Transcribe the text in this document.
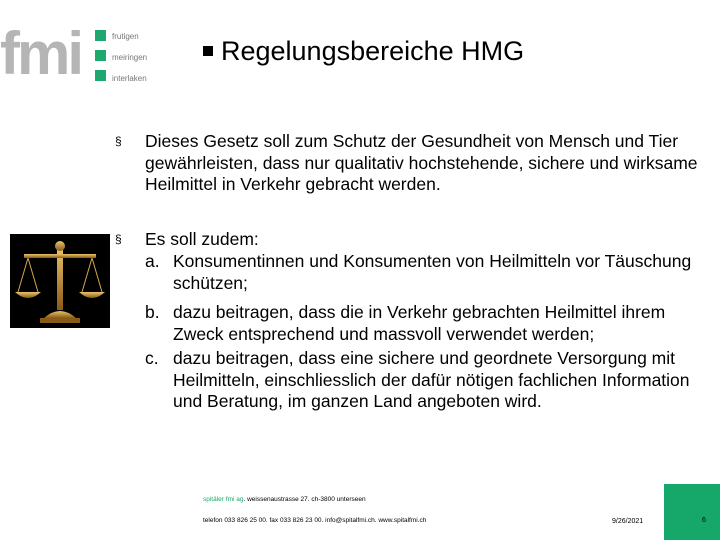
fmi	frutigen
meiringen
interlaken
Regelungsbereiche HMG
§ Dieses Gesetz soll zum Schutz der Gesundheit von Mensch und Tier gewährleisten, dass nur qualitativ hochstehende, sichere und wirksame Heilmittel in Verkehr gebracht werden.
§ Es soll zudem:
a. Konsumentinnen und Konsumenten von Heilmitteln vor Täuschung schützen;
b. dazu beitragen, dass die in Verkehr gebrachten Heilmittel ihrem Zweck entsprechend und massvoll verwendet werden;
c. dazu beitragen, dass eine sichere und geordnete Versorgung mit Heilmitteln, einschliesslich der dafür nötigen fachlichen Information und Beratung, im ganzen Land angeboten wird.
spitäler fmi ag. weissenaustrasse 27. ch-3800 unterseen
telefon 033 826 25 00. fax 033 826 23 00. info@spitalfmi.ch. www.spitalfmi.ch	9/26/2021	6
